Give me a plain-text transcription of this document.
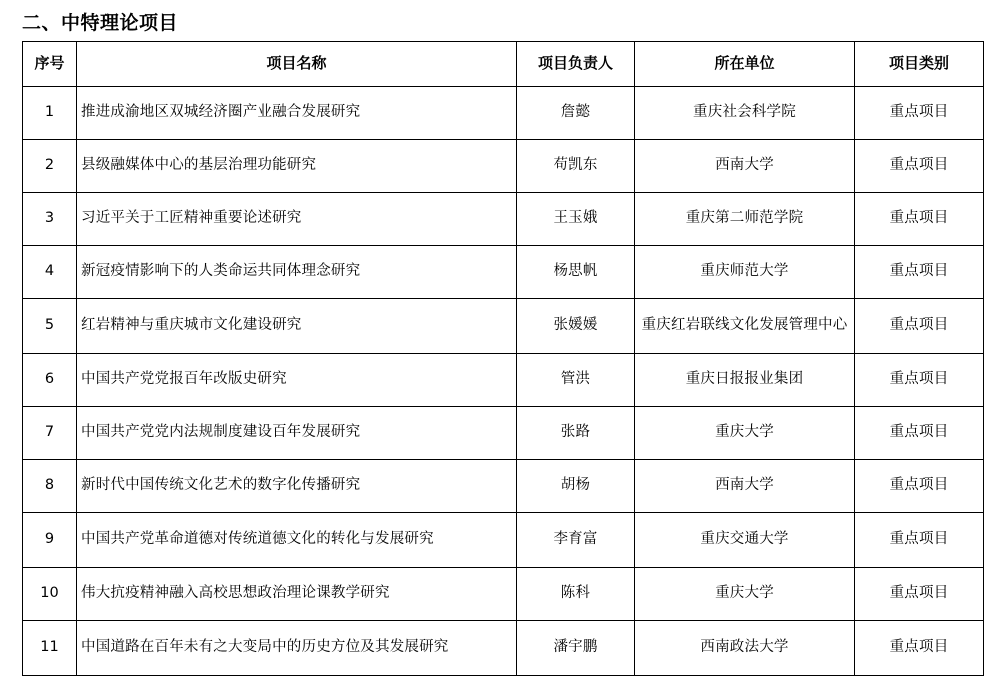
二、中特理论项目
序号	项目名称	项目负责人	所在单位	项目类别
1	推进成渝地区双城经济圈产业融合发展研究	詹懿	重庆社会科学院	重点项目
2	县级融媒体中心的基层治理功能研究	苟凯东	西南大学	重点项目
3	习近平关于工匠精神重要论述研究	王玉娥	重庆第二师范学院	重点项目
4	新冠疫情影响下的人类命运共同体理念研究	杨思帆	重庆师范大学	重点项目
5	红岩精神与重庆城市文化建设研究	张媛媛	重庆红岩联线文化发展管理中心	重点项目
6	中国共产党党报百年改版史研究	管洪	重庆日报报业集团	重点项目
7	中国共产党党内法规制度建设百年发展研究	张路	重庆大学	重点项目
8	新时代中国传统文化艺术的数字化传播研究	胡杨	西南大学	重点项目
9	中国共产党革命道德对传统道德文化的转化与发展研究	李育富	重庆交通大学	重点项目
10	伟大抗疫精神融入高校思想政治理论课教学研究	陈科	重庆大学	重点项目
11	中国道路在百年未有之大变局中的历史方位及其发展研究	潘宇鹏	西南政法大学	重点项目
